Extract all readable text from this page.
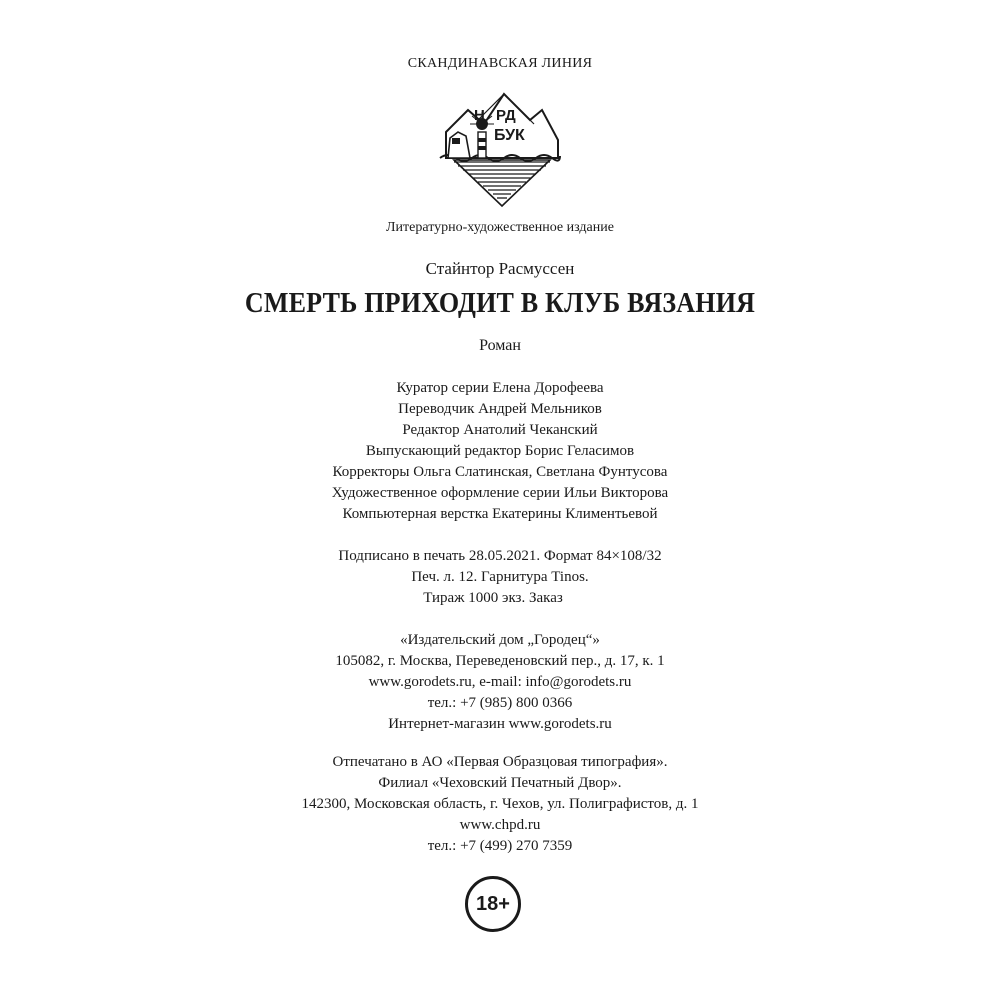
СКАНДИНАВСКАЯ ЛИНИЯ
Н РД
БУК
Литературно-художественное издание
Стайнтор Расмуссен
СМЕРТЬ ПРИХОДИТ В КЛУБ ВЯЗАНИЯ
Роман
Куратор серии Елена Дорофеева
Переводчик Андрей Мельников
Редактор Анатолий Чеканский
Выпускающий редактор Борис Геласимов
Корректоры Ольга Слатинская, Светлана Фунтусова
Художественное оформление серии Ильи Викторова
Компьютерная верстка Екатерины Климентьевой
Подписано в печать 28.05.2021. Формат 84×108/32
Печ. л. 12. Гарнитура Tinos.
Тираж 1000 экз. Заказ
«Издательский дом „Городец“»
105082, г. Москва, Переведеновский пер., д. 17, к. 1
www.gorodets.ru, e-mail: info@gorodets.ru
тел.: +7 (985) 800 0366
Интернет-магазин www.gorodets.ru
Отпечатано в АО «Первая Образцовая типография».
Филиал «Чеховский Печатный Двор».
142300, Московская область, г. Чехов, ул. Полиграфистов, д. 1
www.chpd.ru
тел.: +7 (499) 270 7359
18+
